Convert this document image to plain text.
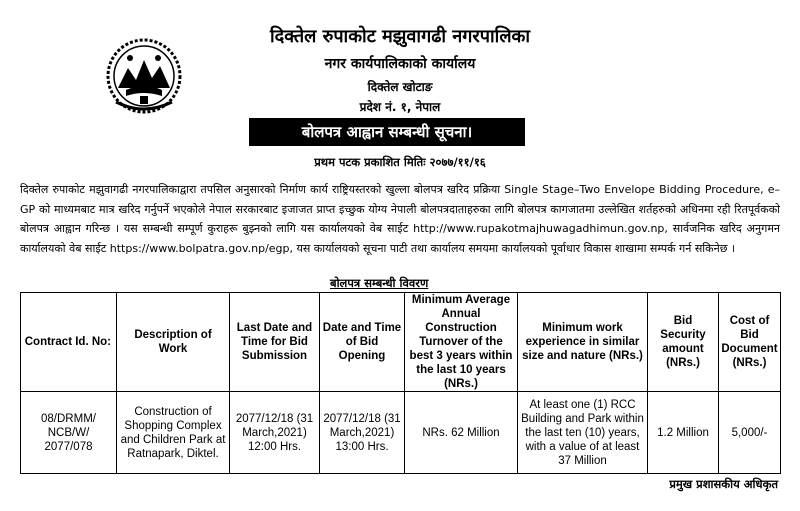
दिक्तेल रुपाकोट मझुवागढी नगरपालिका
नगर कार्यपालिकाको कार्यालय
दिक्तेल खोटाङ
प्रदेश नं. १, नेपाल
बोलपत्र आह्वान सम्बन्धी सूचना।
प्रथम पटक प्रकाशित मितिः २०७७/११/१६
दिक्तेल रुपाकोट मझुवागढी नगरपालिकाद्वारा तपसिल अनुसारको निर्माण कार्य राष्ट्रियस्तरको खुल्ला बोलपत्र खरिद प्रक्रिया Single Stage–Two Envelope Bidding Procedure, e–GP को माध्यमबाट मात्र खरिद गर्नुपर्ने भएकोले नेपाल सरकारबाट इजाजत प्राप्त इच्छुक योग्य नेपाली बोलपत्रदाताहरुका लागि बोलपत्र कागजातमा उल्लेखित शर्तहरुको अधिनमा रही रितपूर्वकको बोलपत्र आह्वान गरिन्छ । यस सम्बन्धी सम्पूर्ण कुराहरू बुझ्नको लागि यस कार्यालयको वेब साईट http://www.rupakotmajhuwagadhimun.gov.np, सार्वजनिक खरिद अनुगमन कार्यालयको वेब साईट https://www.bolpatra.gov.np/egp, यस कार्यालयको सूचना पाटी तथा कार्यालय समयमा कार्यालयको पूर्वाधार विकास शाखामा सम्पर्क गर्न सकिनेछ ।
बोलपत्र सम्बन्धी विवरण
Contract Id. No:	Description of Work	Last Date and Time for Bid Submission	Date and Time of Bid Opening	Minimum Average Annual Construction Turnover of the best 3 years within the last 10 years (NRs.)	Minimum work experience in similar size and nature (NRs.)	Bid Security amount (NRs.)	Cost of Bid Document (NRs.)
08/DRMM/ NCB/W/ 2077/078	Construction of Shopping Complex and Children Park at Ratnapark, Diktel.	2077/12/18 (31 March,2021) 12:00 Hrs.	2077/12/18 (31 March,2021) 13:00 Hrs.	NRs. 62 Million	At least one (1) RCC Building and Park within the last ten (10) years, with a value of at least 37 Million	1.2 Million	5,000/-
प्रमुख प्रशासकीय अधिकृत
